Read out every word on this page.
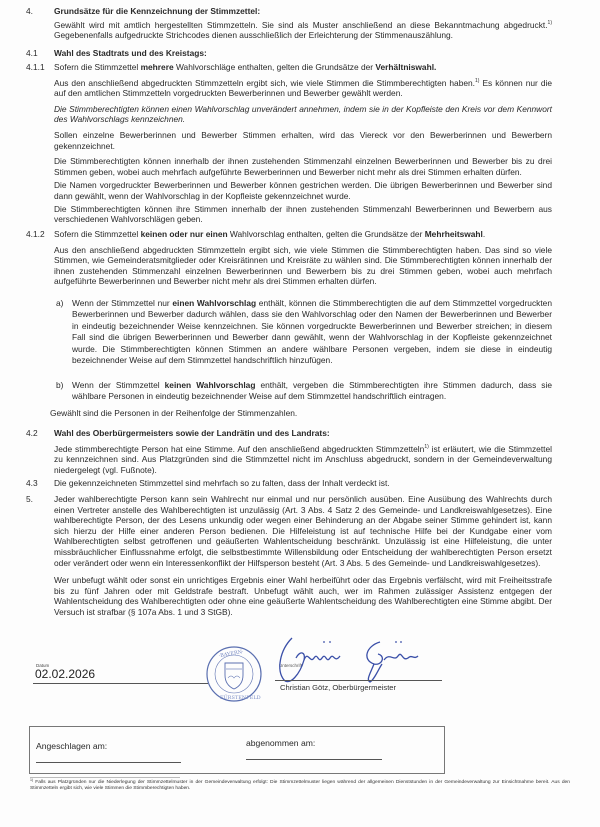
4.	Grundsätze für die Kennzeichnung der Stimmzettel:

Gewählt wird mit amtlich hergestellten Stimmzetteln. Sie sind als Muster anschließend an diese Bekanntmachung abgedruckt.$^{1)}$ Gegebenenfalls aufgedruckte Strichcodes dienen ausschließlich der Erleichterung der Stimmenauszählung.

4.1 Wahl des Stadtrats und des Kreistags:

4.1.1 Sofern die Stimmzettel mehrere Wahlvorschläge enthalten, gelten die Grundsätze der Verhältniswahl.

Aus den anschließend abgedruckten Stimmzetteln ergibt sich, wie viele Stimmen die Stimmberechtigten haben.$^{1)}$ Es können nur die auf den amtlichen Stimmzetteln vorgedruckten Bewerberinnen und Bewerber gewählt werden.

Die Stimmberechtigten können einen Wahlvorschlag unverändert annehmen, indem sie in der Kopfleiste den Kreis vor dem Kennwort des Wahlvorschlags kennzeichnen.

Sollen einzelne Bewerberinnen und Bewerber Stimmen erhalten, wird das Viereck vor den Bewerberinnen und Bewerbern gekennzeichnet.

Die Stimmberechtigten können innerhalb der ihnen zustehenden Stimmenzahl einzelnen Bewerberinnen und Bewerber bis zu drei Stimmen geben, wobei auch mehrfach aufgeführte Bewerberinnen und Bewerber nicht mehr als drei Stimmen erhalten dürfen.

Die Namen vorgedruckter Bewerberinnen und Bewerber können gestrichen werden. Die übrigen Bewerberinnen und Bewerber sind dann gewählt, wenn der Wahlvorschlag in der Kopfleiste gekennzeichnet wurde.

Die Stimmberechtigten können ihre Stimmen innerhalb der ihnen zustehenden Stimmenzahl Bewerberinnen und Bewerbern aus verschiedenen Wahlvorschlägen geben.

4.1.2 Sofern die Stimmzettel keinen oder nur einen Wahlvorschlag enthalten, gelten die Grundsätze der Mehrheitswahl.

Aus den anschließend abgedruckten Stimmzetteln ergibt sich, wie viele Stimmen die Stimmberechtigten haben. Das sind so viele Stimmen, wie Gemeinderatsmitglieder oder Kreisrätinnen und Kreisräte zu wählen sind. Die Stimmberechtigten können innerhalb der ihnen zustehenden Stimmenzahl einzelnen Bewerberinnen und Bewerbern bis zu drei Stimmen geben, wobei auch mehrfach aufgeführte Bewerberinnen und Bewerber nicht mehr als drei Stimmen erhalten dürfen.

a) Wenn der Stimmzettel nur einen Wahlvorschlag enthält, können die Stimmberechtigten die auf dem Stimmzettel vorgedruckten Bewerberinnen und Bewerber dadurch wählen, dass sie den Wahlvorschlag oder den Namen der Bewerberinnen und Bewerber in eindeutig bezeichnender Weise kennzeichnen. Sie können vorgedruckte Bewerberinnen und Bewerber streichen; in diesem Fall sind die übrigen Bewerberinnen und Bewerber dann gewählt, wenn der Wahlvorschlag in der Kopfleiste gekennzeichnet wurde. Die Stimmberechtigten können Stimmen an andere wählbare Personen vergeben, indem sie diese in eindeutig bezeichnender Weise auf dem Stimmzettel handschriftlich hinzufügen.

b) Wenn der Stimmzettel keinen Wahlvorschlag enthält, vergeben die Stimmberechtigten ihre Stimmen dadurch, dass sie wählbare Personen in eindeutig bezeichnender Weise auf dem Stimmzettel handschriftlich eintragen.

Gewählt sind die Personen in der Reihenfolge der Stimmenzahlen.

4.2 Wahl des Oberbürgermeisters sowie der Landrätin und des Landrats:

Jede stimmberechtigte Person hat eine Stimme. Auf den anschließend abgedruckten Stimmzetteln$^{1)}$ ist erläutert, wie die Stimmzettel zu kennzeichnen sind. Aus Platzgründen sind die Stimmzettel nicht im Anschluss abgedruckt, sondern in der Gemeindeverwaltung niedergelegt (vgl. Fußnote).

4.3 Die gekennzeichneten Stimmzettel sind mehrfach so zu falten, dass der Inhalt verdeckt ist.

5.	Jeder wahlberechtigte Person kann sein Wahlrecht nur einmal und nur persönlich ausüben. Eine Ausübung des Wahlrechts durch einen Vertreter anstelle des Wahlberechtigten ist unzulässig (Art. 3 Abs. 4 Satz 2 des Gemeinde- und Landkreiswahlgesetzes). Eine wahlberechtigte Person, der des Lesens unkundig oder wegen einer Behinderung an der Abgabe seiner Stimme gehindert ist, kann sich hierzu der Hilfe einer anderen Person bedienen. Die Hilfeleistung ist auf technische Hilfe bei der Kundgabe einer vom Wahlberechtigten selbst getroffenen und geäußerten Wahlentscheidung beschränkt. Unzulässig ist eine Hilfeleistung, die unter missbräuchlicher Einflussnahme erfolgt, die selbstbestimmte Willensbildung oder Entscheidung der wahlberechtigten Person ersetzt oder verändert oder wenn ein Interessenkonflikt der Hilfsperson besteht (Art. 3 Abs. 5 des Gemeinde- und Landkreiswahlgesetzes).

Wer unbefugt wählt oder sonst ein unrichtiges Ergebnis einer Wahl herbeiführt oder das Ergebnis verfälscht, wird mit Freiheitsstrafe bis zu fünf Jahren oder mit Geldstrafe bestraft. Unbefugt wählt auch, wer im Rahmen zulässiger Assistenz entgegen der Wahlentscheidung des Wahlberechtigten oder ohne eine geäußerte Wahlentscheidung des Wahlberechtigten eine Stimme abgibt. Der Versuch ist strafbar (§ 107a Abs. 1 und 3 StGB).

Datum
02.02.2026
·BAYERN·
FÜRSTENFELD
Unterschrift
Christian Götz, Oberbürgermeister
Angeschlagen am:	abgenommen am:

$^{1)}$ Falls aus Platzgründen nur die Niederlegung der Stimmzettelmuster in der Gemeindeverwaltung erfolgt: Die Stimmzettelmuster liegen während der allgemeinen Dienststunden in der Gemeindeverwaltung zur Einsichtnahme bereit. Aus den Stimmzetteln ergibt sich, wie viele Stimmen die Stimmberechtigten haben.
